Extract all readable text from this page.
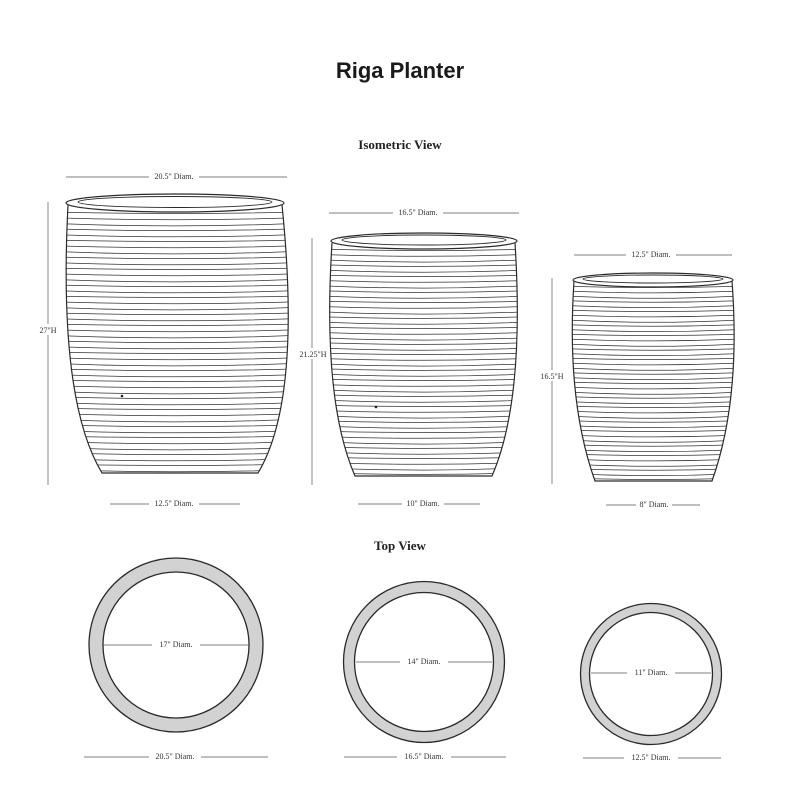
Riga Planter
Isometric View
Top View
20.5" Diam.
27"H
12.5" Diam.
16.5" Diam.
21.25"H
10" Diam.
12.5" Diam.
16.5"H
8" Diam.
17" Diam.
20.5" Diam.
14" Diam.
16.5" Diam.
11" Diam.
12.5" Diam.
